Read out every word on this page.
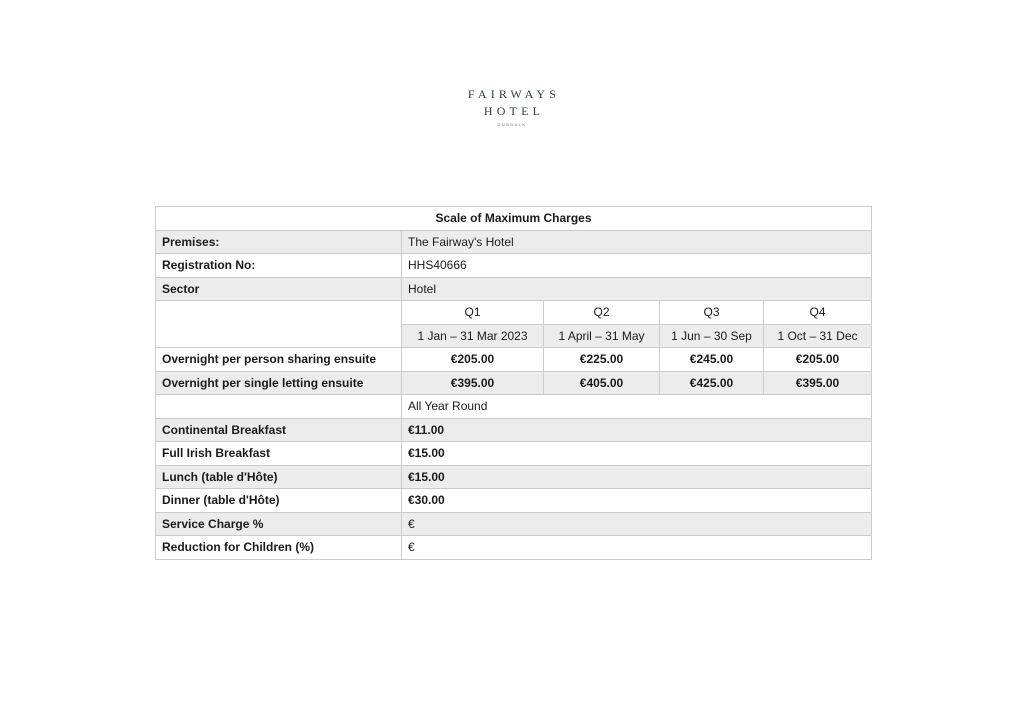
FAIRWAYS
HOTEL
DUNDALK
Scale of Maximum Charges				
Premises:	The Fairway's Hotel			
Registration No:	HHS40666			
Sector	Hotel			
	Q1	Q2	Q3	Q4
	1 Jan – 31 Mar 2023	1 April – 31 May	1 Jun – 30 Sep	1 Oct – 31 Dec
Overnight per person sharing ensuite	€205.00	€225.00	€245.00	€205.00
Overnight per single letting ensuite	€395.00	€405.00	€425.00	€395.00
	All Year Round			
Continental Breakfast	€11.00			
Full Irish Breakfast	€15.00			
Lunch (table d'Hôte)	€15.00			
Dinner (table d'Hôte)	€30.00			
Service Charge %	€			
Reduction for Children (%)	€			
